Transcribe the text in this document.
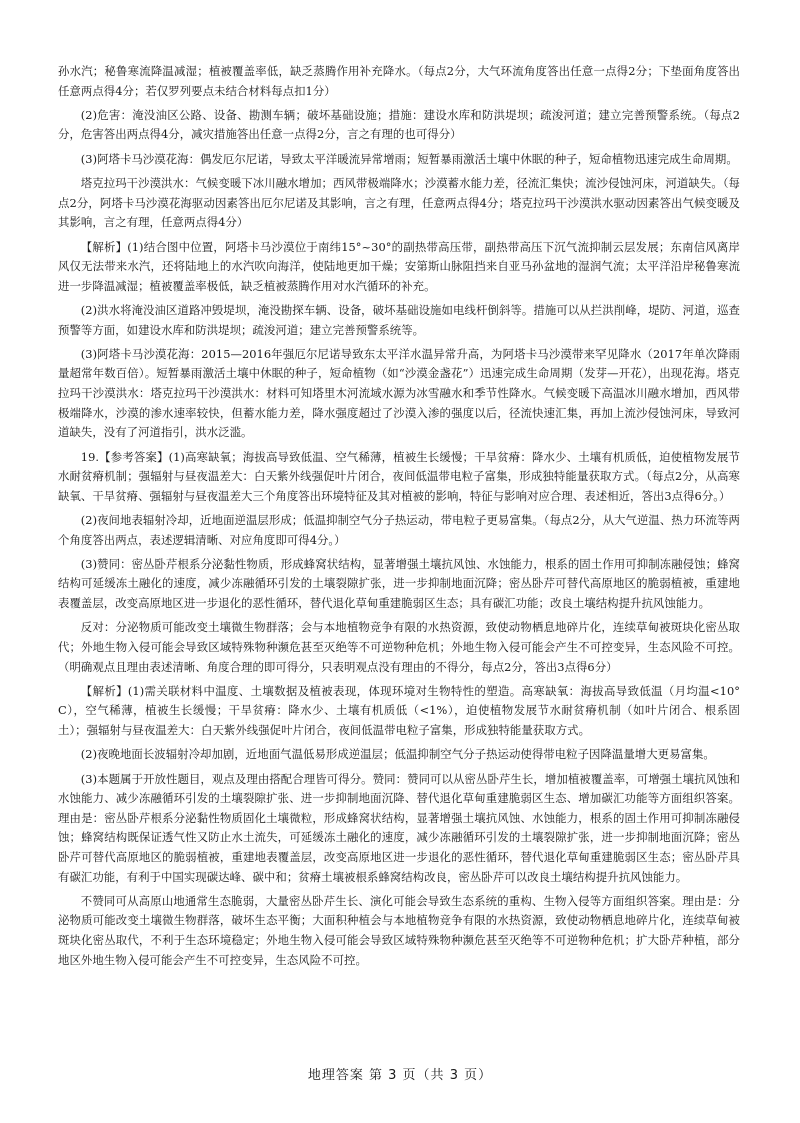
孙水汽；秘鲁寒流降温减湿；植被覆盖率低，缺乏蒸腾作用补充降水。（每点2分，大气环流角度答出任意一点得2分；下垫面角度答出任意两点得4分；若仅罗列要点未结合材料每点扣1分）

(2)危害：淹没油区公路、设备、勘测车辆；破坏基础设施；措施：建设水库和防洪堤坝；疏浚河道；建立完善预警系统。（每点2分，危害答出两点得4分，减灾措施答出任意一点得2分，言之有理的也可得分）

(3)阿塔卡马沙漠花海：偶发厄尔尼诺，导致太平洋暖流异常增雨；短暂暴雨激活土壤中休眠的种子，短命植物迅速完成生命周期。

塔克拉玛干沙漠洪水：气候变暖下冰川融水增加；西风带极端降水；沙漠蓄水能力差，径流汇集快；流沙侵蚀河床，河道缺失。（每点2分，阿塔卡马沙漠花海驱动因素答出厄尔尼诺及其影响，言之有理，任意两点得4分；塔克拉玛干沙漠洪水驱动因素答出气候变暖及其影响，言之有理，任意两点得4分）

【解析】(1)结合图中位置，阿塔卡马沙漠位于南纬15°~30°的副热带高压带，副热带高压下沉气流抑制云层发展；东南信风离岸风仅无法带来水汽，还将陆地上的水汽吹向海洋，使陆地更加干燥；安第斯山脉阻挡来自亚马孙盆地的湿润气流；太平洋沿岸秘鲁寒流进一步降温减湿；植被覆盖率极低，缺乏植被蒸腾作用对水汽循环的补充。

(2)洪水将淹没油区道路冲毁堤坝，淹没勘探车辆、设备，破坏基础设施如电线杆倒斜等。措施可以从拦洪削峰，堤防、河道，巡查预警等方面，如建设水库和防洪堤坝；疏浚河道；建立完善预警系统等。

(3)阿塔卡马沙漠花海：2015—2016年强厄尔尼诺导致东太平洋水温异常升高，为阿塔卡马沙漠带来罕见降水（2017年单次降雨量超常年数百倍）。短暂暴雨激活土壤中休眠的种子，短命植物（如“沙漠金盏花”）迅速完成生命周期（发芽—开花），出现花海。塔克拉玛干沙漠洪水：塔克拉玛干沙漠洪水：材料可知塔里木河流域水源为冰雪融水和季节性降水。气候变暖下高温冰川融水增加，西风带极端降水，沙漠的渗水速率较快，但蓄水能力差，降水强度超过了沙漠入渗的强度以后，径流快速汇集，再加上流沙侵蚀河床，导致河道缺失，没有了河道指引，洪水泛滥。

19.【参考答案】(1)高寒缺氧；海拔高导致低温、空气稀薄，植被生长缓慢；干旱贫瘠：降水少、土壤有机质低，迫使植物发展节水耐贫瘠机制；强辐射与昼夜温差大：白天紫外线强促叶片闭合，夜间低温带电粒子富集，形成独特能量获取方式。（每点2分，从高寒缺氧、干旱贫瘠、强辐射与昼夜温差大三个角度答出环境特征及其对植被的影响，特征与影响对应合理、表述相近，答出3点得6分。）

(2)夜间地表辐射冷却，近地面逆温层形成；低温抑制空气分子热运动，带电粒子更易富集。（每点2分，从大气逆温、热力环流等两个角度答出两点，表述逻辑清晰、对应角度即可得4分。）

(3)赞同：密丛卧芹根系分泌黏性物质，形成蜂窝状结构，显著增强土壤抗风蚀、水蚀能力，根系的固土作用可抑制冻融侵蚀；蜂窝结构可延缓冻土融化的速度，减少冻融循环引发的土壤裂隙扩张，进一步抑制地面沉降；密丛卧芹可替代高原地区的脆弱植被，重建地表覆盖层，改变高原地区进一步退化的恶性循环，替代退化草甸重建脆弱区生态；具有碳汇功能；改良土壤结构提升抗风蚀能力。

反对：分泌物质可能改变土壤微生物群落；会与本地植物竞争有限的水热资源，致使动物栖息地碎片化，连续草甸被斑块化密丛取代；外地生物入侵可能会导致区域特殊物种濒危甚至灭绝等不可逆物种危机；外地生物入侵可能会产生不可控变异，生态风险不可控。（明确观点且理由表述清晰、角度合理的即可得分，只表明观点没有理由的不得分，每点2分，答出3点得6分）

【解析】(1)需关联材料中温度、土壤数据及植被表现，体现环境对生物特性的塑造。高寒缺氧：海拔高导致低温（月均温<10°C），空气稀薄，植被生长缓慢；干旱贫瘠：降水少、土壤有机质低（<1%），迫使植物发展节水耐贫瘠机制（如叶片闭合、根系固土）；强辐射与昼夜温差大：白天紫外线强促叶片闭合，夜间低温带电粒子富集，形成独特能量获取方式。

(2)夜晚地面长波辐射冷却加剧，近地面气温低易形成逆温层；低温抑制空气分子热运动使得带电粒子因降温量增大更易富集。

(3)本题属于开放性题目，观点及理由搭配合理皆可得分。赞同：赞同可以从密丛卧芹生长，增加植被覆盖率，可增强土壤抗风蚀和水蚀能力、减少冻融循环引发的土壤裂隙扩张、进一步抑制地面沉降、替代退化草甸重建脆弱区生态、增加碳汇功能等方面组织答案。理由是：密丛卧芹根系分泌黏性物质固化土壤微粒，形成蜂窝状结构，显著增强土壤抗风蚀、水蚀能力，根系的固土作用可抑制冻融侵蚀；蜂窝结构既保证透气性又防止水土流失，可延缓冻土融化的速度，减少冻融循环引发的土壤裂隙扩张，进一步抑制地面沉降；密丛卧芹可替代高原地区的脆弱植被，重建地表覆盖层，改变高原地区进一步退化的恶性循环，替代退化草甸重建脆弱区生态；密丛卧芹具有碳汇功能，有利于中国实现碳达峰、碳中和；贫瘠土壤被根系蜂窝结构改良，密丛卧芹可以改良土壤结构提升抗风蚀能力。

不赞同可从高原山地通常生态脆弱，大量密丛卧芹生长、演化可能会导致生态系统的重构、生物入侵等方面组织答案。理由是：分泌物质可能改变土壤微生物群落，破坏生态平衡；大面积种植会与本地植物竞争有限的水热资源，致使动物栖息地碎片化，连续草甸被斑块化密丛取代，不利于生态环境稳定；外地生物入侵可能会导致区域特殊物种濒危甚至灭绝等不可逆物种危机；扩大卧芹种植，部分地区外地生物入侵可能会产生不可控变异，生态风险不可控。

地理答案 第 3 页（共 3 页）
